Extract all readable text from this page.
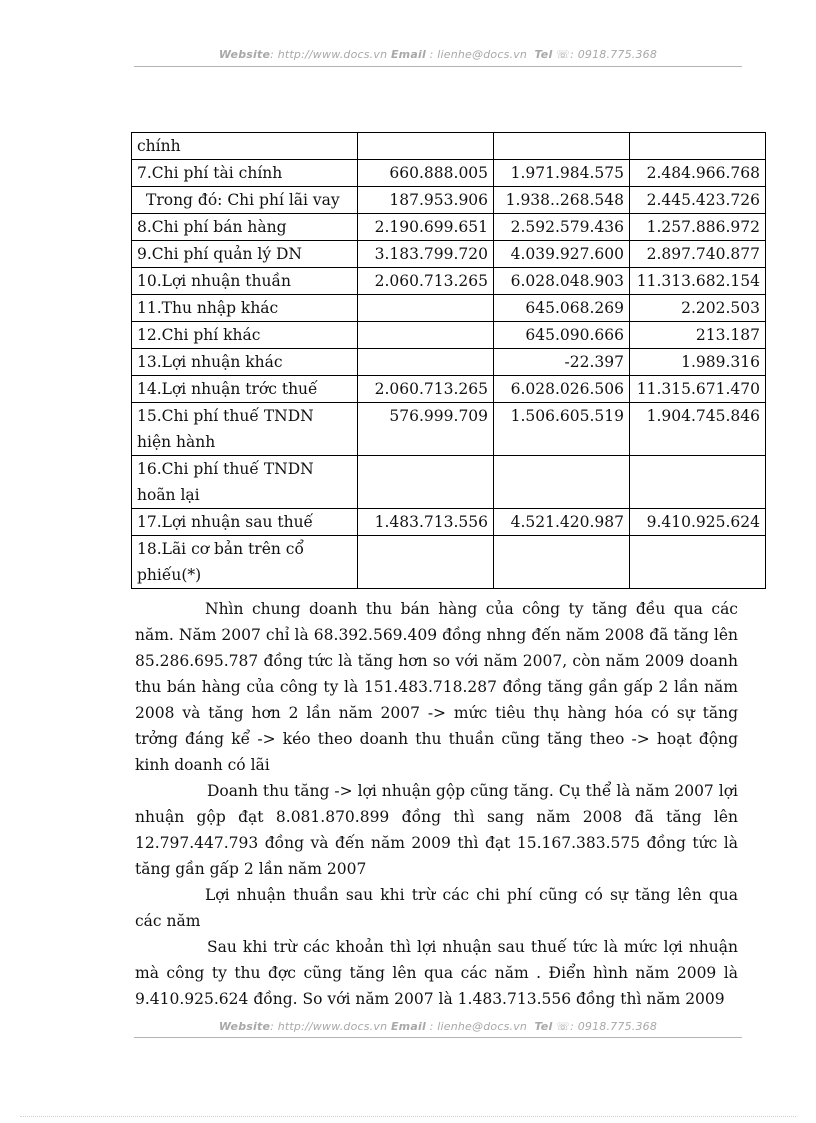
Website: http://www.docs.vn Email : lienhe@docs.vn Tel ☏: 0918.775.368
chính			
7.Chi phí tài chính	660.888.005	1.971.984.575	2.484.966.768
Trong đó: Chi phí lãi vay	187.953.906	1.938..268.548	2.445.423.726
8.Chi phí bán hàng	2.190.699.651	2.592.579.436	1.257.886.972
9.Chi phí quản lý DN	3.183.799.720	4.039.927.600	2.897.740.877
10.Lợi nhuận thuần	2.060.713.265	6.028.048.903	11.313.682.154
11.Thu nhập khác		645.068.269	2.202.503
12.Chi phí khác		645.090.666	213.187
13.Lợi nhuận khác		-22.397	1.989.316
14.Lợi nhuận trớc thuế	2.060.713.265	6.028.026.506	11.315.671.470
15.Chi phí thuế TNDN hiện hành	576.999.709	1.506.605.519	1.904.745.846
16.Chi phí thuế TNDN hoãn lại			
17.Lợi nhuận sau thuế	1.483.713.556	4.521.420.987	9.410.925.624
18.Lãi cơ bản trên cổ phiếu(*)			

Nhìn chung doanh thu bán hàng của công ty tăng đều qua các năm. Năm 2007 chỉ là 68.392.569.409 đồng nhng đến năm 2008 đã tăng lên 85.286.695.787 đồng tức là tăng hơn so với năm 2007, còn năm 2009 doanh thu bán hàng của công ty là 151.483.718.287 đồng tăng gần gấp 2 lần năm 2008 và tăng hơn 2 lần năm 2007 -> mức tiêu thụ hàng hóa có sự tăng trởng đáng kể -> kéo theo doanh thu thuần cũng tăng theo -> hoạt động kinh doanh có lãi

Doanh thu tăng -> lợi nhuận gộp cũng tăng. Cụ thể là năm 2007 lợi nhuận gộp đạt 8.081.870.899 đồng thì sang năm 2008 đã tăng lên 12.797.447.793 đồng và đến năm 2009 thì đạt 15.167.383.575 đồng tức là tăng gần gấp 2 lần năm 2007

Lợi nhuận thuần sau khi trừ các chi phí cũng có sự tăng lên qua các năm

Sau khi trừ các khoản thì lợi nhuận sau thuế tức là mức lợi nhuận mà công ty thu đợc cũng tăng lên qua các năm . Điển hình năm 2009 là 9.410.925.624 đồng. So với năm 2007 là 1.483.713.556 đồng thì năm 2009

Website: http://www.docs.vn Email : lienhe@docs.vn Tel ☏: 0918.775.368
